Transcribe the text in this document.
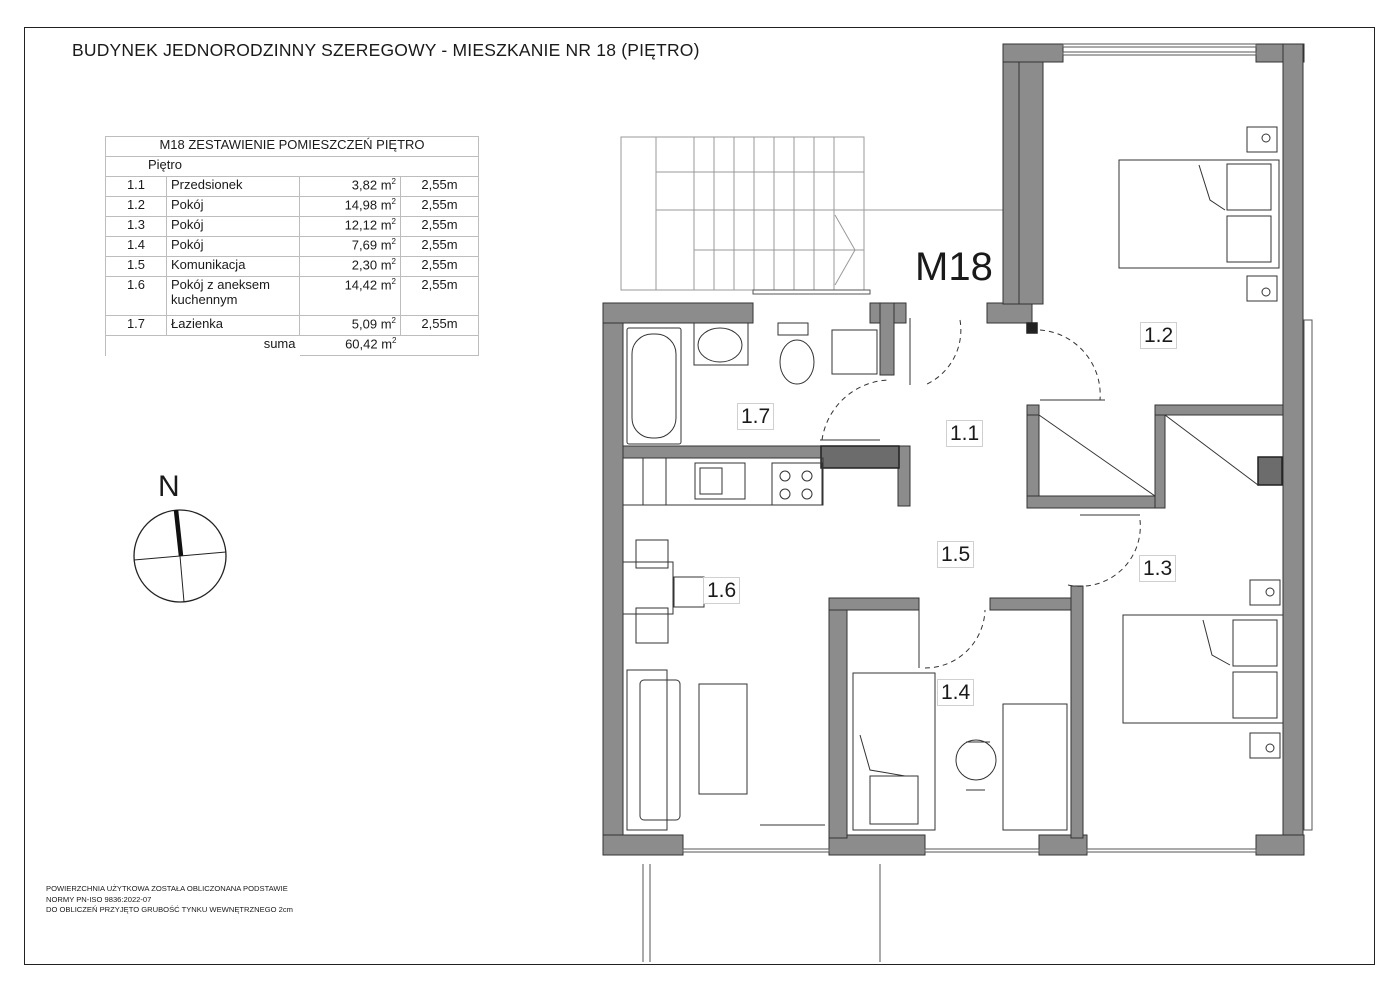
BUDYNEK JEDNORODZINNY SZEREGOWY - MIESZKANIE NR 18 (PIĘTRO)
M18 ZESTAWIENIE POMIESZCZEŃ PIĘTRO			
Piętro			
1.1	Przedsionek	3,82 $m^2$	2,55m
1.2	Pokój	14,98 $m^2$	2,55m
1.3	Pokój	12,12 $m^2$	2,55m
1.4	Pokój	7,69 $m^2$	2,55m
1.5	Komunikacja	2,30 $m^2$	2,55m
1.6	Pokój z aneksem kuchennym	14,42 $m^2$	2,55m
1.7	Łazienka	5,09 $m^2$	2,55m
suma		60,42 $m^2$	
N
M18
1.1
1.2
1.3
1.4
1.5
1.6
1.7
POWIERZCHNIA UŻYTKOWA ZOSTAŁA OBLICZONANA PODSTAWIE
NORMY PN-ISO 9836:2022-07
DO OBLICZEŃ PRZYJĘTO GRUBOŚĆ TYNKU WEWNĘTRZNEGO 2cm
